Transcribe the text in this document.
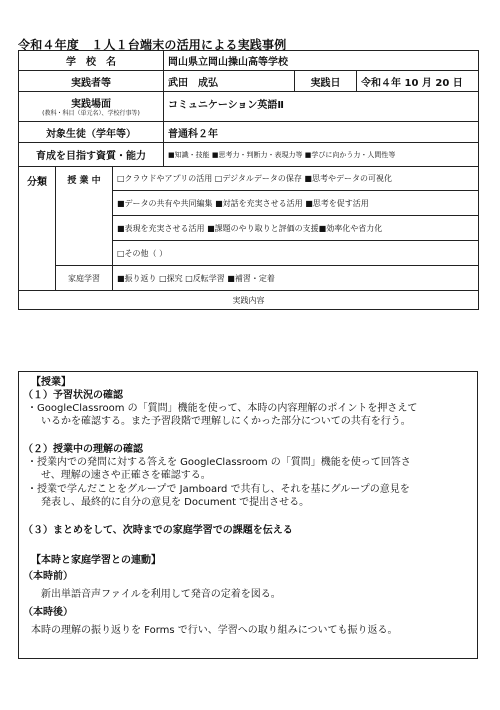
令和４年度　１人１台端末の活用による実践事例
学　校　名			岡山県立岡山操山高等学校		
実践者等			武田　成弘	実践日	令和４年 10 月 20 日
実践場面
(教科・科目（単元名）、学校行事等)			コミュニケーション英語Ⅱ		
対象生徒（学年等）			普通科２年		
育成を目指す資質・能力			■知識・技能 ■思考力・判断力・表現力等 ■学びに向かう力・人間性等		
分類	授 業 中	□クラウドやアプリの活用 □デジタルデータの保存 ■思考やデータの可視化			
		■データの共有や共同編集 ■対話を充実させる活用 ■思考を促す活用			
		■表現を充実させる活用 ■課題のやり取りと評価の支援■効率化や省力化			
		□その他（ ）			
	家庭学習	■振り返り □探究 □反転学習 ■補習・定着			
実践内容					
【授業】
（１）予習状況の確認
・GoogleClassroom の「質問」機能を使って、本時の内容理解のポイントを押さえて
いるかを確認する。また予習段階で理解しにくかった部分についての共有を行う。
（２）授業中の理解の確認
・授業内での発問に対する答えを GoogleClassroom の「質問」機能を使って回答さ
せ、理解の速さや正確さを確認する。
・授業で学んだことをグループで Jamboard で共有し、それを基にグループの意見を
発表し、最終的に自分の意見を Document で提出させる。
（３）まとめをして、次時までの家庭学習での課題を伝える
【本時と家庭学習との連動】
（本時前）
新出単語音声ファイルを利用して発音の定着を図る。
（本時後）
本時の理解の振り返りを Forms で行い、学習への取り組みについても振り返る。
